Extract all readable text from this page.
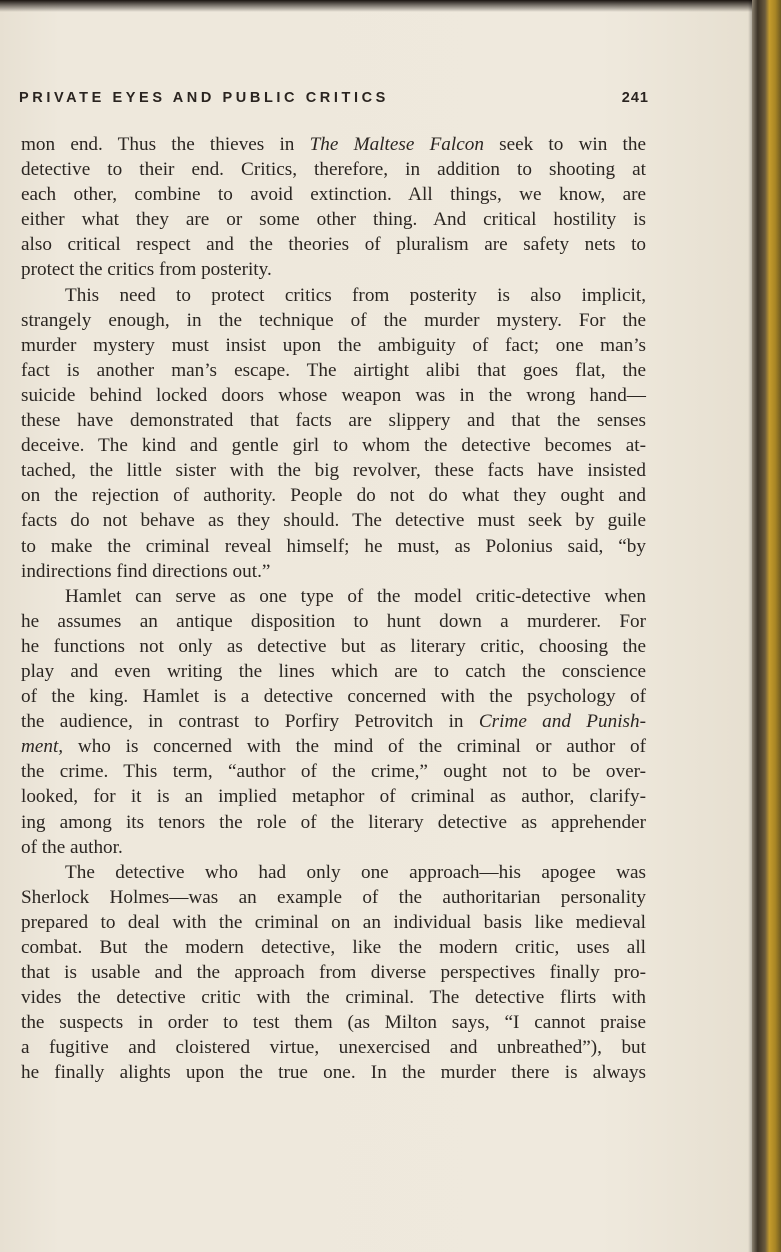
PRIVATE EYES AND PUBLIC CRITICS	241
mon end. Thus the thieves in The Maltese Falcon seek to win the
detective to their end. Critics, therefore, in addition to shooting at
each other, combine to avoid extinction. All things, we know, are
either what they are or some other thing. And critical hostility is
also critical respect and the theories of pluralism are safety nets to
protect the critics from posterity.
This need to protect critics from posterity is also implicit,
strangely enough, in the technique of the murder mystery. For the
murder mystery must insist upon the ambiguity of fact; one man’s
fact is another man’s escape. The airtight alibi that goes flat, the
suicide behind locked doors whose weapon was in the wrong hand—
these have demonstrated that facts are slippery and that the senses
deceive. The kind and gentle girl to whom the detective becomes at-
tached, the little sister with the big revolver, these facts have insisted
on the rejection of authority. People do not do what they ought and
facts do not behave as they should. The detective must seek by guile
to make the criminal reveal himself; he must, as Polonius said, “by
indirections find directions out.”
Hamlet can serve as one type of the model critic-detective when
he assumes an antique disposition to hunt down a murderer. For
he functions not only as detective but as literary critic, choosing the
play and even writing the lines which are to catch the conscience
of the king. Hamlet is a detective concerned with the psychology of
the audience, in contrast to Porfiry Petrovitch in Crime and Punish-
ment, who is concerned with the mind of the criminal or author of
the crime. This term, “author of the crime,” ought not to be over-
looked, for it is an implied metaphor of criminal as author, clarify-
ing among its tenors the role of the literary detective as apprehender
of the author.
The detective who had only one approach—his apogee was
Sherlock Holmes—was an example of the authoritarian personality
prepared to deal with the criminal on an individual basis like medieval
combat. But the modern detective, like the modern critic, uses all
that is usable and the approach from diverse perspectives finally pro-
vides the detective critic with the criminal. The detective flirts with
the suspects in order to test them (as Milton says, “I cannot praise
a fugitive and cloistered virtue, unexercised and unbreathed”), but
he finally alights upon the true one. In the murder there is always
